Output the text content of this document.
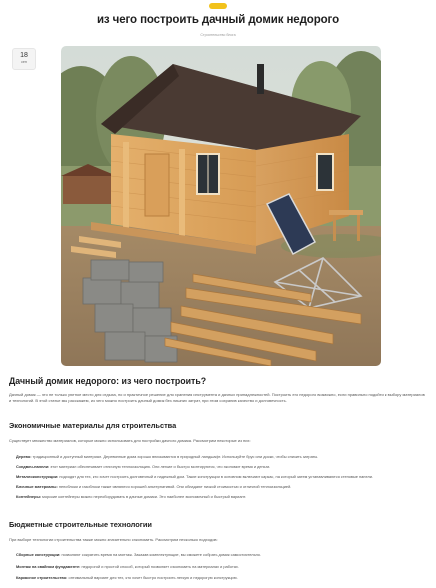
из чего построить дачный домик недорого
Строительство блога
18
сен
Дачный домик недорого: из чего построить?
Дачный домик — это не только уютное место для отдыха, но и практичное решение для хранения инструмента и дачных принадлежностей. Построить его недорого возможно, если правильно подойти к выбору материалов и технологий. В этой статье мы расскажем, из чего можно построить дачный домик без лишних затрат, при этом сохранив качество и долговечность.
Экономичные материалы для строительства
Существует множество материалов, которые можно использовать для постройки дачного домика. Рассмотрим некоторые из них:
• Дерево: традиционный и доступный материал. Деревянные дома хорошо вписываются в природный ландшафт. Используйте брус или доски, чтобы снизить затраты.
• Сэндвич-панели: этот материал обеспечивает отличную теплоизоляцию. Они легкие и быстро монтируются, что экономит время и деньги.
• Металлоконструкции: подходят для тех, кто хочет построить долговечный и надежный дом. Такие конструкции в основном включают каркас, на который затем устанавливаются стеновые панели.
• Блочные материалы: пеноблоки и газоблоки также являются хорошей альтернативой. Они обладают низкой стоимостью и отличной теплоизоляцией.
• Контейнеры: морские контейнеры можно переоборудовать в дачные домики. Это наиболее экономичный и быстрый вариант.
Бюджетные строительные технологии
При выборе технологии строительства также можно значительно сэкономить. Рассмотрим несколько подходов:
• Сборные конструкции: позволяют сократить время на монтаж. Заказав комплектующие, вы сможете собрать домик самостоятельно.
• Монтаж на свайном фундаменте: недорогой и простой способ, который позволяет сэкономить на материалах и работах.
• Каркасное строительство: оптимальный вариант для тех, кто хочет быстро построить легкую и недорогую конструкцию.
